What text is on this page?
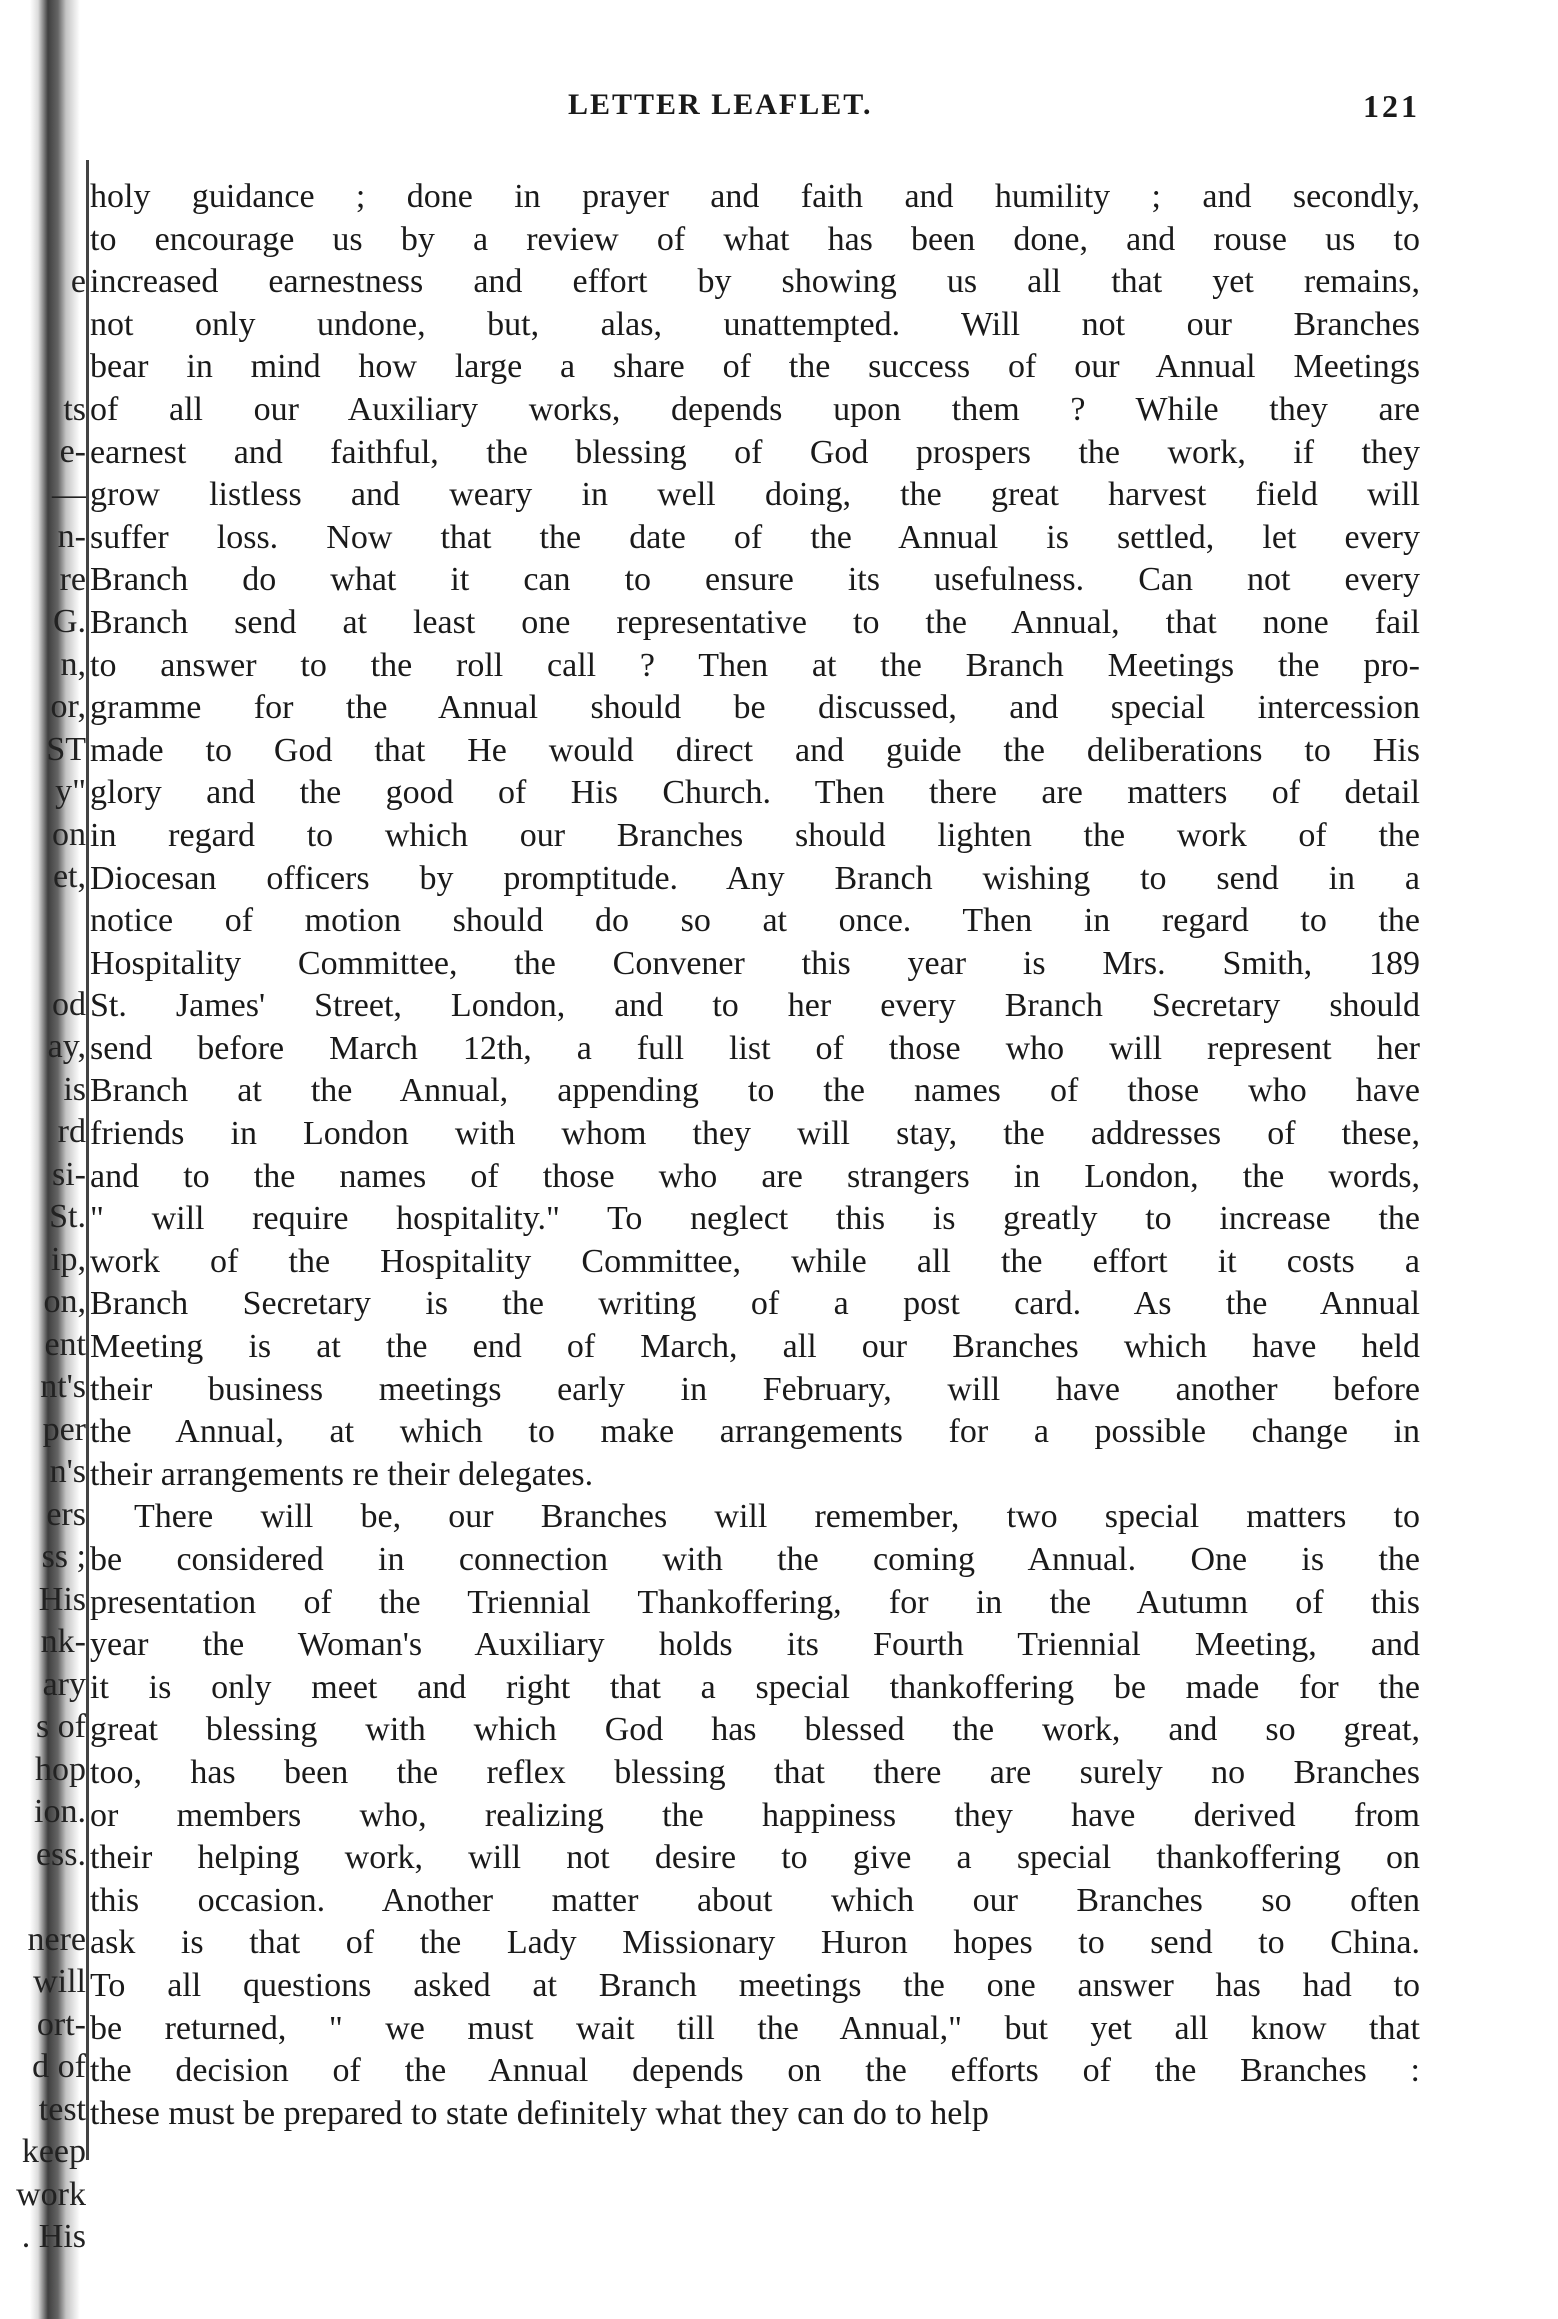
e
ts
e-
—
n-
re
G.
n,
or,
ST
y"
on
et,
od
ay,
is
rd
si-
St.
ip,
on,
ent
nt's
per
n's
ers
ss ;
His
nk-
ary
s of
hop
ion.
ess.
nere
will
ort-
d of
test
keep
work
. His
LETTER LEAFLET.	121
holy guidance ; done in prayer and faith and humility ; and secondly,
to encourage us by a review of what has been done, and rouse us to
increased earnestness and effort by showing us all that yet remains,
not only undone, but, alas, unattempted. Will not our Branches
bear in mind how large a share of the success of our Annual Meetings
of all our Auxiliary works, depends upon them ? While they are
earnest and faithful, the blessing of God prospers the work, if they
grow listless and weary in well doing, the great harvest field will
suffer loss. Now that the date of the Annual is settled, let every
Branch do what it can to ensure its usefulness. Can not every
Branch send at least one representative to the Annual, that none fail
to answer to the roll call ? Then at the Branch Meetings the pro-
gramme for the Annual should be discussed, and special intercession
made to God that He would direct and guide the deliberations to His
glory and the good of His Church. Then there are matters of detail
in regard to which our Branches should lighten the work of the
Diocesan officers by promptitude. Any Branch wishing to send in a
notice of motion should do so at once. Then in regard to the
Hospitality Committee, the Convener this year is Mrs. Smith, 189
St. James' Street, London, and to her every Branch Secretary should
send before March 12th, a full list of those who will represent her
Branch at the Annual, appending to the names of those who have
friends in London with whom they will stay, the addresses of these,
and to the names of those who are strangers in London, the words,
" will require hospitality." To neglect this is greatly to increase the
work of the Hospitality Committee, while all the effort it costs a
Branch Secretary is the writing of a post card. As the Annual
Meeting is at the end of March, all our Branches which have held
their business meetings early in February, will have another before
the Annual, at which to make arrangements for a possible change in
their arrangements re their delegates.
There will be, our Branches will remember, two special matters to
be considered in connection with the coming Annual. One is the
presentation of the Triennial Thankoffering, for in the Autumn of this
year the Woman's Auxiliary holds its Fourth Triennial Meeting, and
it is only meet and right that a special thankoffering be made for the
great blessing with which God has blessed the work, and so great,
too, has been the reflex blessing that there are surely no Branches
or members who, realizing the happiness they have derived from
their helping work, will not desire to give a special thankoffering on
this occasion. Another matter about which our Branches so often
ask is that of the Lady Missionary Huron hopes to send to China.
To all questions asked at Branch meetings the one answer has had to
be returned, " we must wait till the Annual," but yet all know that
the decision of the Annual depends on the efforts of the Branches :
these must be prepared to state definitely what they can do to help
